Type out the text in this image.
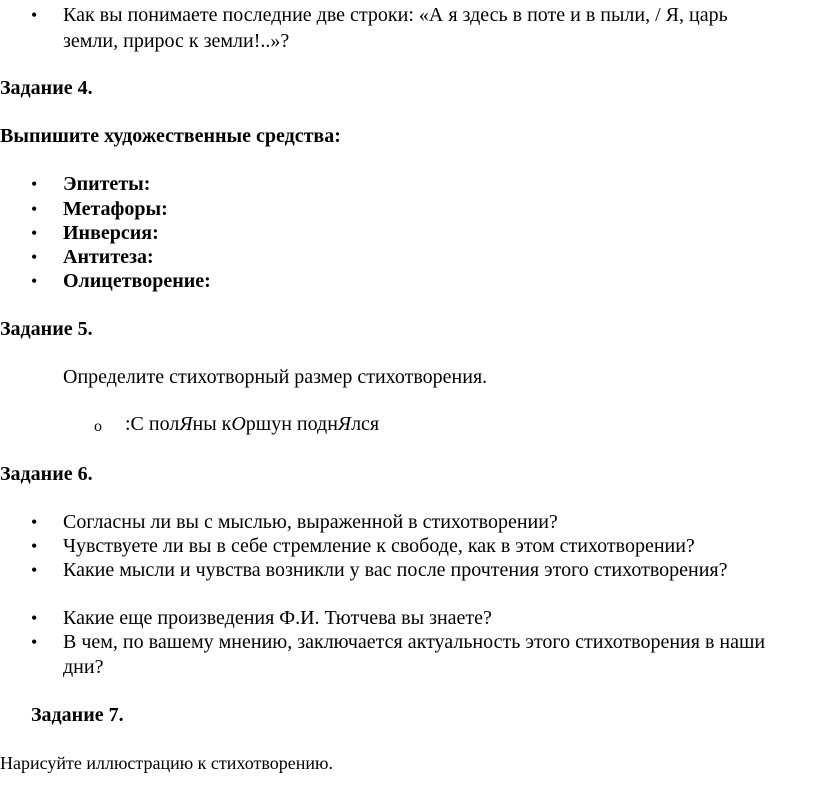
• Как вы понимаете последние две строки: «А я здесь в поте и в пыли, / Я, царь
земли, прирос к земли!..»?
Задание 4.
Выпишите художественные средства:
• Эпитеты:
• Метафоры:
• Инверсия:
• Антитеза:
• Олицетворение:
Задание 5.
Определите стихотворный размер стихотворения.
o :С полЯны кОршун поднЯлся
Задание 6.
• Согласны ли вы с мыслью, выраженной в стихотворении?
• Чувствуете ли вы в себе стремление к свободе, как в этом стихотворении?
• Какие мысли и чувства возникли у вас после прочтения этого стихотворения?
• Какие еще произведения Ф.И. Тютчева вы знаете?
• В чем, по вашему мнению, заключается актуальность этого стихотворения в наши
дни?
Задание 7.
Нарисуйте иллюстрацию к стихотворению.
